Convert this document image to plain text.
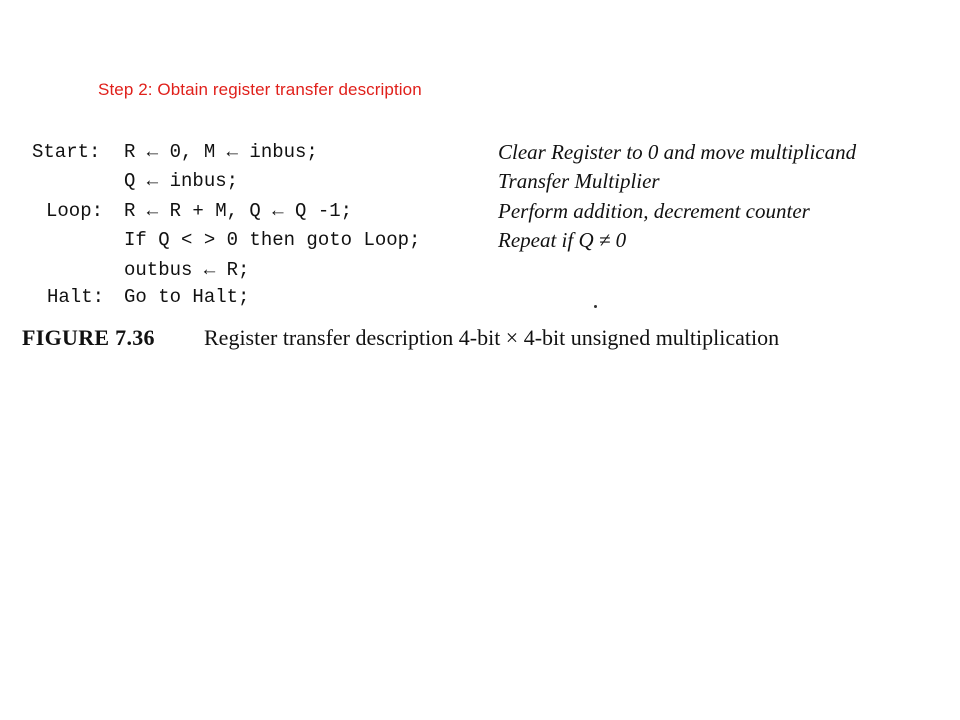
Step 2: Obtain register transfer description
Start: R ← 0, M ← inbus;
Q ← inbus;
Loop: R ← R + M, Q ← Q -1;
If Q < > 0 then goto Loop;
outbus ← R;
Halt: Go to Halt;
Clear Register to 0 and move multiplicand
Transfer Multiplier
Perform addition, decrement counter
Repeat if Q ≠ 0
FIGURE 7.36 Register transfer description 4-bit × 4-bit unsigned multiplication
